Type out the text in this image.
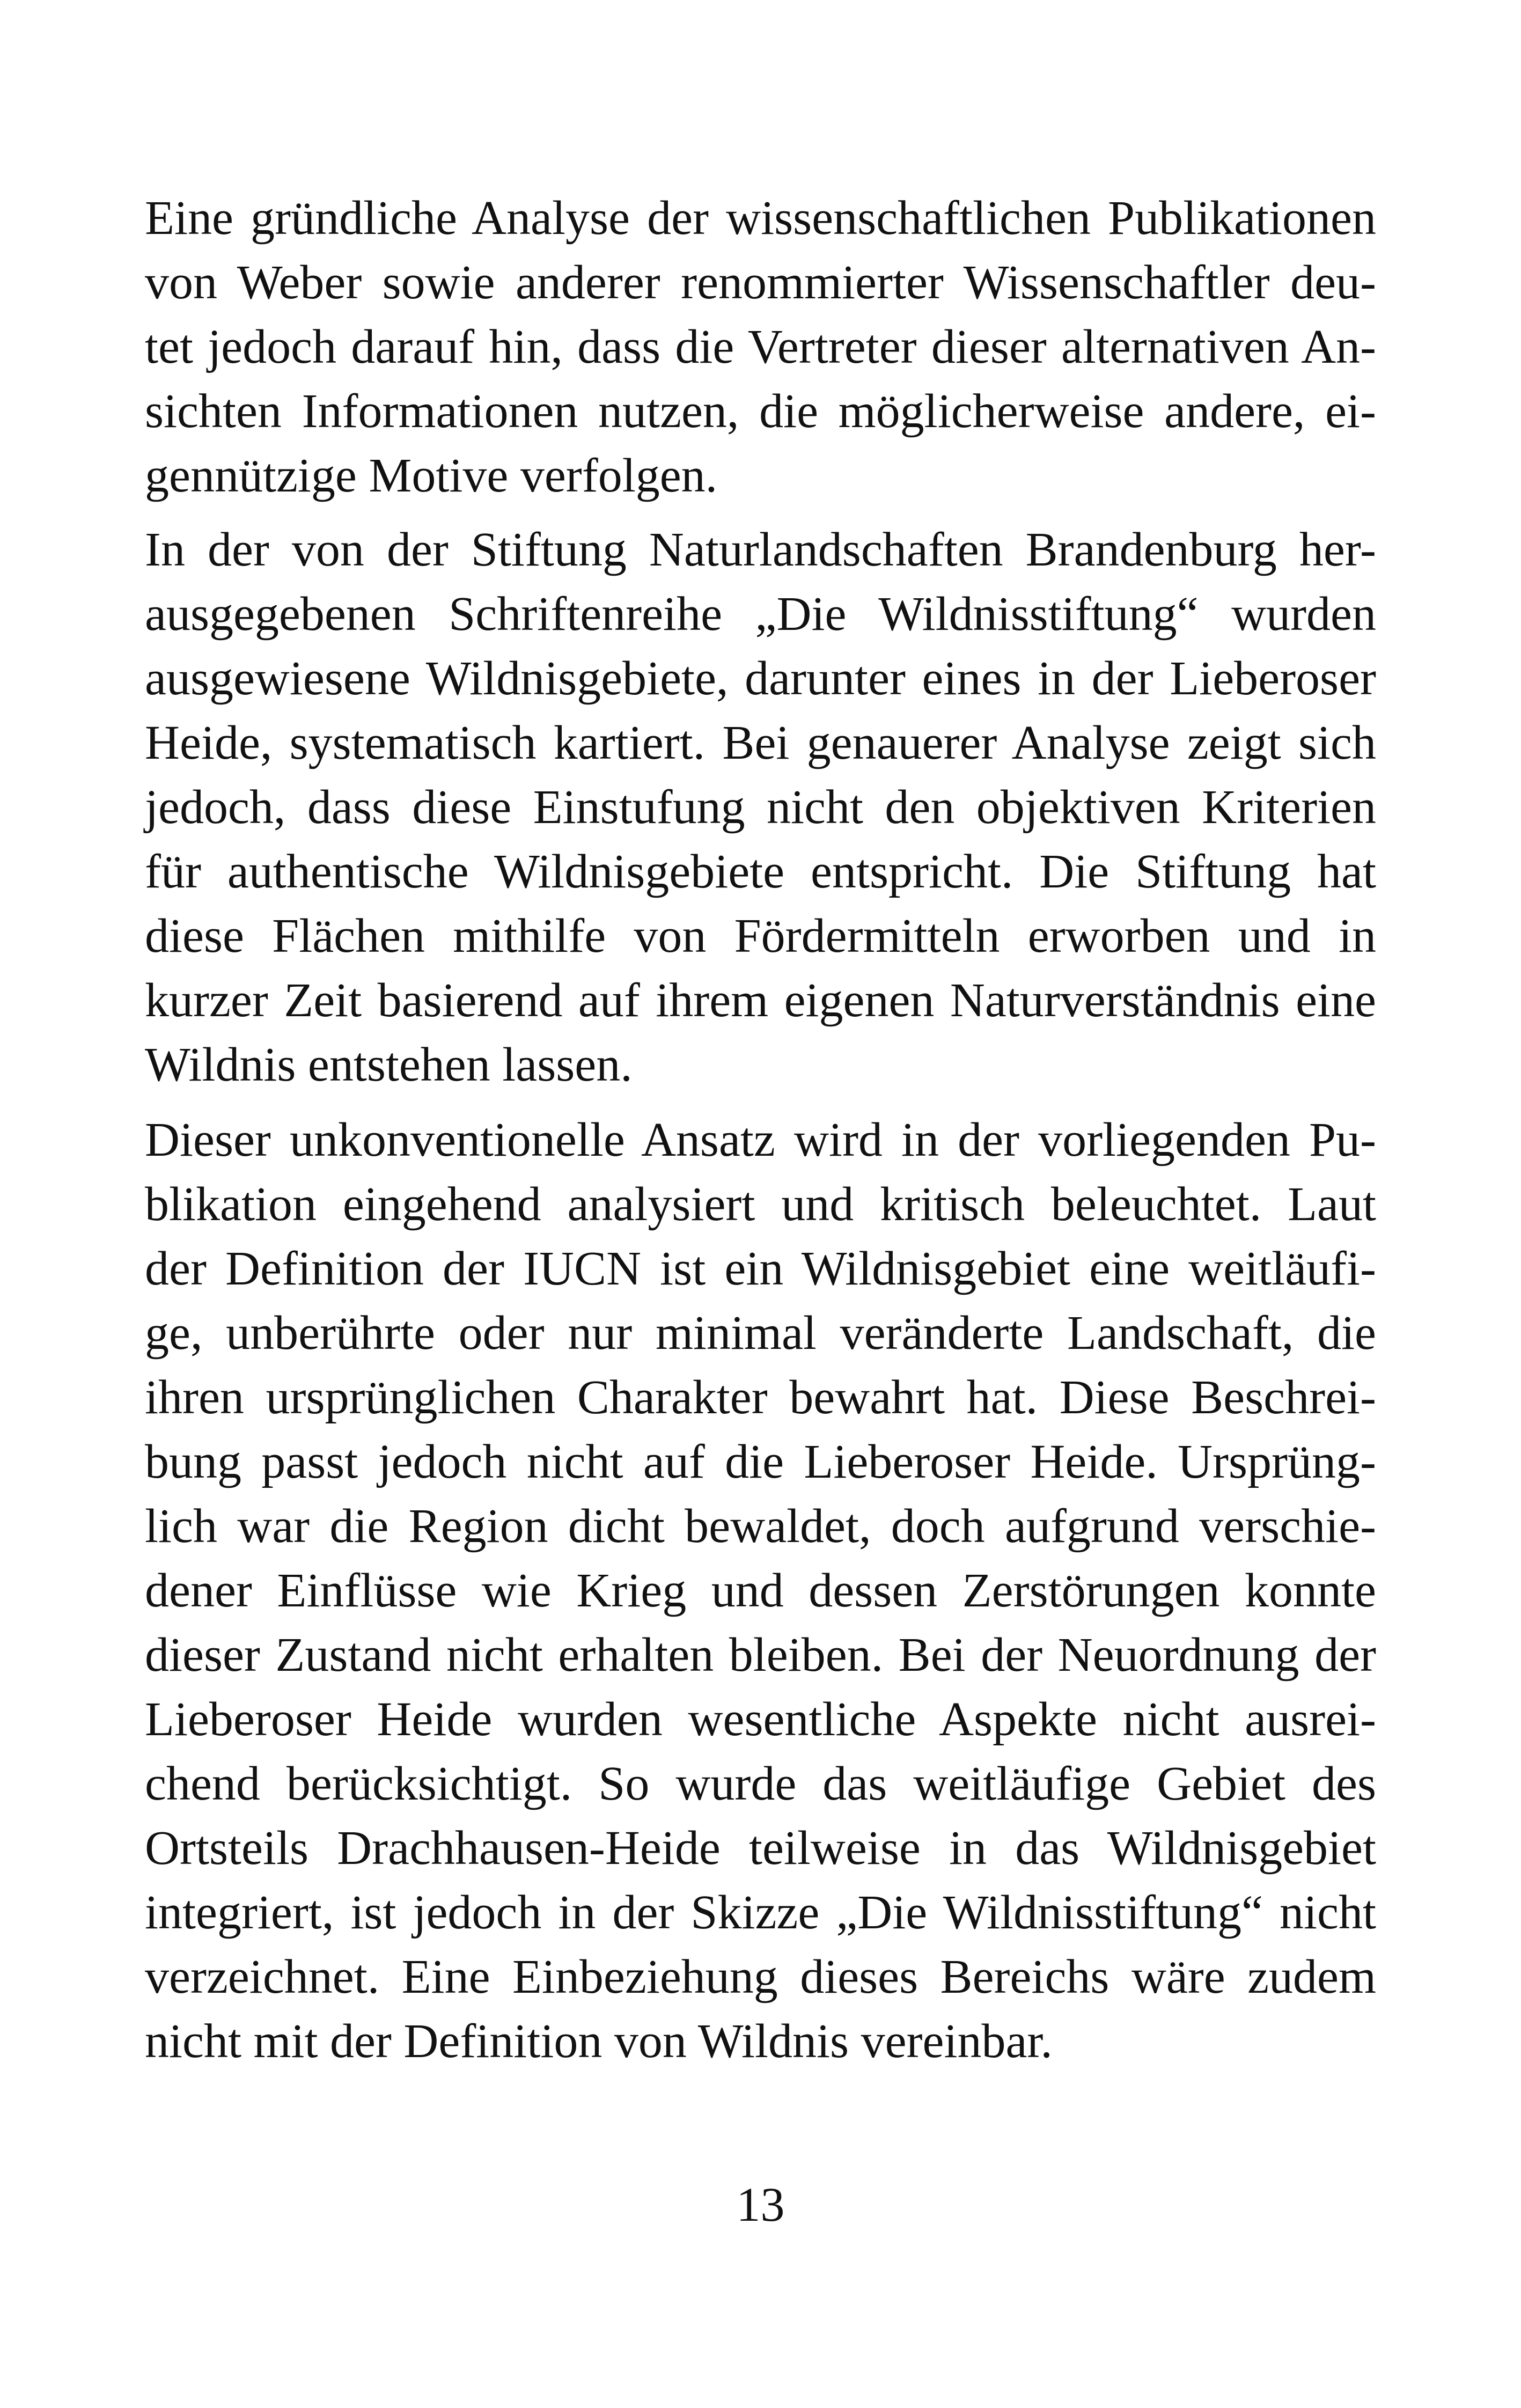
Eine gründliche Analyse der wissenschaftlichen Publikationen
von Weber sowie anderer renommierter Wissenschaftler deu-
tet jedoch darauf hin, dass die Vertreter dieser alternativen An-
sichten Informationen nutzen, die möglicherweise andere, ei-
gennützige Motive verfolgen.
In der von der Stiftung Naturlandschaften Brandenburg her-
ausgegebenen Schriftenreihe „Die Wildnisstiftung“ wurden
ausgewiesene Wildnisgebiete, darunter eines in der Lieberoser
Heide, systematisch kartiert. Bei genauerer Analyse zeigt sich
jedoch, dass diese Einstufung nicht den objektiven Kriterien
für authentische Wildnisgebiete entspricht. Die Stiftung hat
diese Flächen mithilfe von Fördermitteln erworben und in
kurzer Zeit basierend auf ihrem eigenen Naturverständnis eine
Wildnis entstehen lassen.
Dieser unkonventionelle Ansatz wird in der vorliegenden Pu-
blikation eingehend analysiert und kritisch beleuchtet. Laut
der Definition der IUCN ist ein Wildnisgebiet eine weitläufi-
ge, unberührte oder nur minimal veränderte Landschaft, die
ihren ursprünglichen Charakter bewahrt hat. Diese Beschrei-
bung passt jedoch nicht auf die Lieberoser Heide. Ursprüng-
lich war die Region dicht bewaldet, doch aufgrund verschie-
dener Einflüsse wie Krieg und dessen Zerstörungen konnte
dieser Zustand nicht erhalten bleiben. Bei der Neuordnung der
Lieberoser Heide wurden wesentliche Aspekte nicht ausrei-
chend berücksichtigt. So wurde das weitläufige Gebiet des
Ortsteils Drachhausen-Heide teilweise in das Wildnisgebiet
integriert, ist jedoch in der Skizze „Die Wildnisstiftung“ nicht
verzeichnet. Eine Einbeziehung dieses Bereichs wäre zudem
nicht mit der Definition von Wildnis vereinbar.
13
